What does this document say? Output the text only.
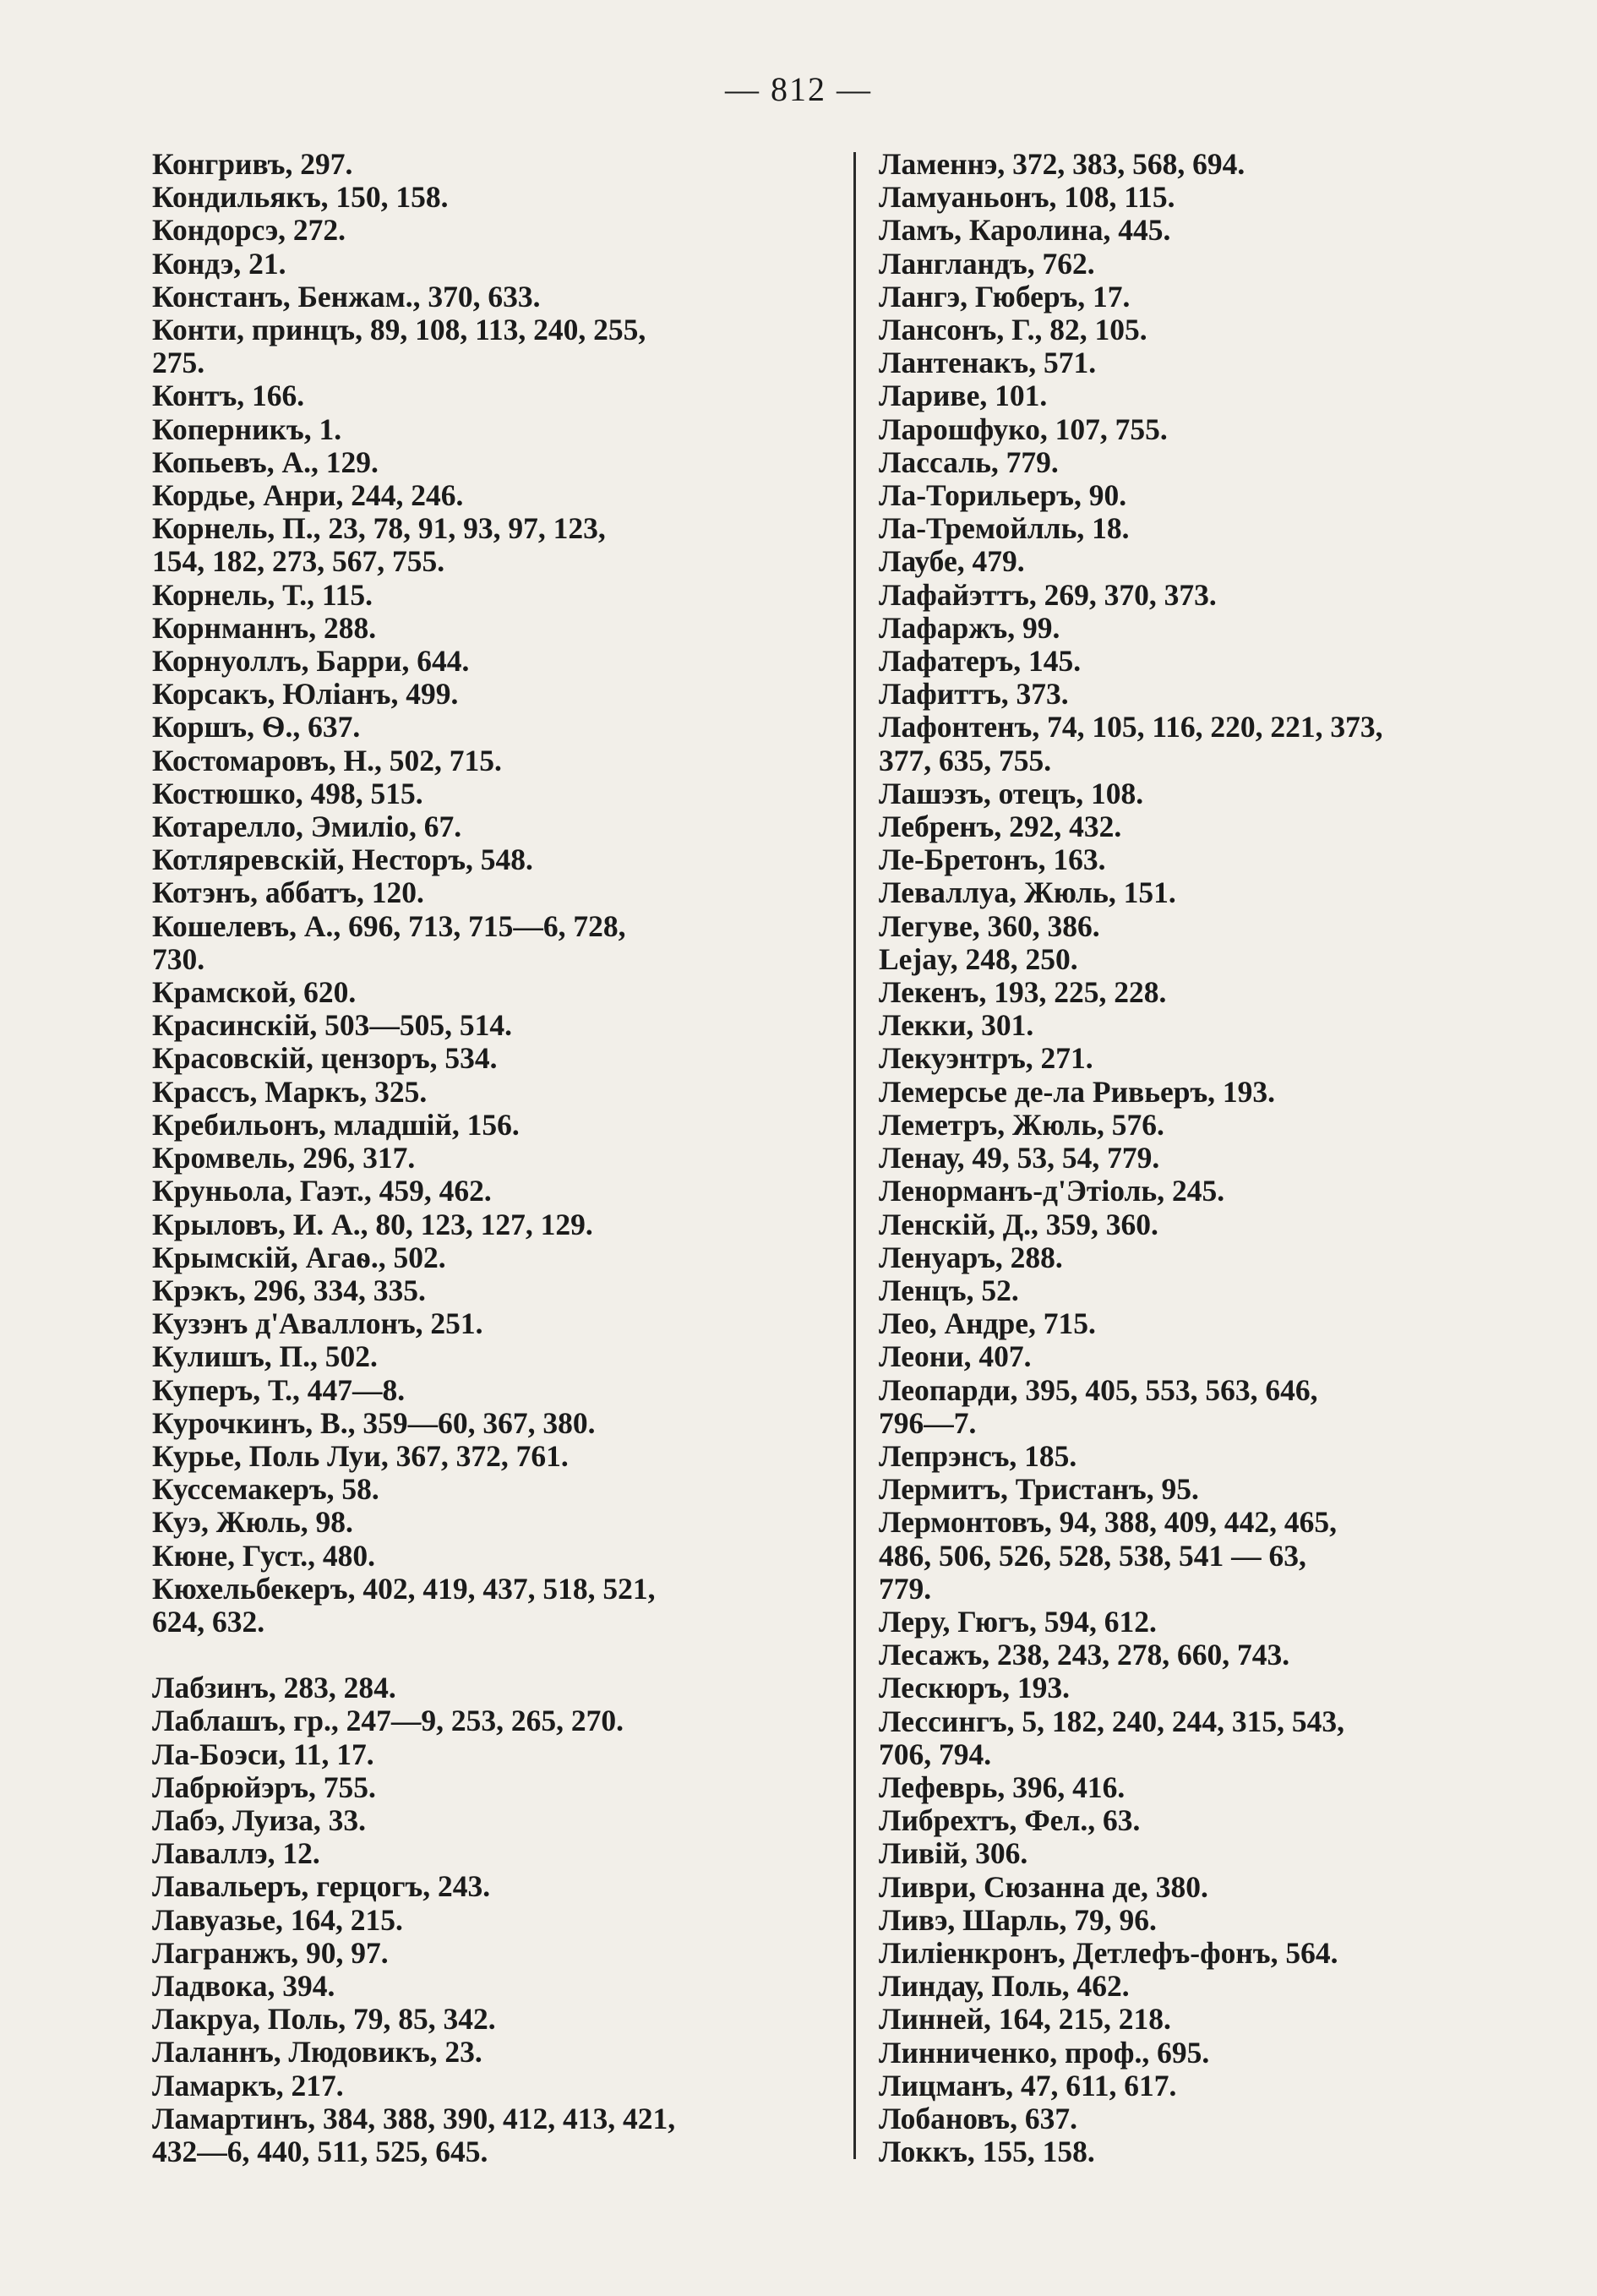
— 812 —
Конгривъ, 297.
Кондильякъ, 150, 158.
Кондорсэ, 272.
Кондэ, 21.
Констанъ, Бенжам., 370, 633.
Конти, принцъ, 89, 108, 113, 240, 255,
275.
Контъ, 166.
Коперникъ, 1.
Копьевъ, А., 129.
Кордье, Анри, 244, 246.
Корнель, П., 23, 78, 91, 93, 97, 123,
154, 182, 273, 567, 755.
Корнель, Т., 115.
Корнманнъ, 288.
Корнуоллъ, Барри, 644.
Корсакъ, Юліанъ, 499.
Коршъ, Ѳ., 637.
Костомаровъ, Н., 502, 715.
Костюшко, 498, 515.
Котарелло, Эмиліо, 67.
Котляревскій, Несторъ, 548.
Котэнъ, аббатъ, 120.
Кошелевъ, А., 696, 713, 715—6, 728,
730.
Крамской, 620.
Красинскій, 503—505, 514.
Красовскій, цензоръ, 534.
Крассъ, Маркъ, 325.
Кребильонъ, младшій, 156.
Кромвель, 296, 317.
Круньола, Гаэт., 459, 462.
Крыловъ, И. А., 80, 123, 127, 129.
Крымскій, Агаѳ., 502.
Крэкъ, 296, 334, 335.
Кузэнъ д'Аваллонъ, 251.
Кулишъ, П., 502.
Куперъ, Т., 447—8.
Курочкинъ, В., 359—60, 367, 380.
Курье, Поль Луи, 367, 372, 761.
Куссемакеръ, 58.
Куэ, Жюль, 98.
Кюне, Густ., 480.
Кюхельбекеръ, 402, 419, 437, 518, 521,
624, 632.
Лабзинъ, 283, 284.
Лаблашъ, гр., 247—9, 253, 265, 270.
Ла-Боэси, 11, 17.
Лабрюйэръ, 755.
Лабэ, Луиза, 33.
Лаваллэ, 12.
Лавальеръ, герцогъ, 243.
Лавуазье, 164, 215.
Лагранжъ, 90, 97.
Ладвока, 394.
Лакруа, Поль, 79, 85, 342.
Лаланнъ, Людовикъ, 23.
Ламаркъ, 217.
Ламартинъ, 384, 388, 390, 412, 413, 421,
432—6, 440, 511, 525, 645.
Ламеннэ, 372, 383, 568, 694.
Ламуаньонъ, 108, 115.
Ламъ, Каролина, 445.
Лангландъ, 762.
Лангэ, Гюберъ, 17.
Лансонъ, Г., 82, 105.
Лантенакъ, 571.
Ларивe, 101.
Ларошфуко, 107, 755.
Лассаль, 779.
Ла-Торильеръ, 90.
Ла-Тремойлль, 18.
Лаубе, 479.
Лафайэттъ, 269, 370, 373.
Лафаржъ, 99.
Лафатеръ, 145.
Лафиттъ, 373.
Лафонтенъ, 74, 105, 116, 220, 221, 373,
377, 635, 755.
Лашэзъ, отецъ, 108.
Лебренъ, 292, 432.
Ле-Бретонъ, 163.
Леваллуа, Жюль, 151.
Легуве, 360, 386.
Lejay, 248, 250.
Лекенъ, 193, 225, 228.
Лекки, 301.
Лекуэнтръ, 271.
Лемерсье де-ла Ривьеръ, 193.
Леметръ, Жюль, 576.
Ленау, 49, 53, 54, 779.
Ленорманъ-д'Этіоль, 245.
Ленскій, Д., 359, 360.
Ленуаръ, 288.
Ленцъ, 52.
Лео, Андре, 715.
Леони, 407.
Леопарди, 395, 405, 553, 563, 646,
796—7.
Лепрэнсъ, 185.
Лермитъ, Тристанъ, 95.
Лермонтовъ, 94, 388, 409, 442, 465,
486, 506, 526, 528, 538, 541 — 63,
779.
Леру, Гюгъ, 594, 612.
Лесажъ, 238, 243, 278, 660, 743.
Лескюръ, 193.
Лессингъ, 5, 182, 240, 244, 315, 543,
706, 794.
Лефеврь, 396, 416.
Либрехтъ, Фел., 63.
Ливій, 306.
Ливри, Сюзанна де, 380.
Ливэ, Шарль, 79, 96.
Лиліенкронъ, Детлефъ-фонъ, 564.
Линдау, Поль, 462.
Линней, 164, 215, 218.
Линниченко, проф., 695.
Лицманъ, 47, 611, 617.
Лобановъ, 637.
Локкъ, 155, 158.
